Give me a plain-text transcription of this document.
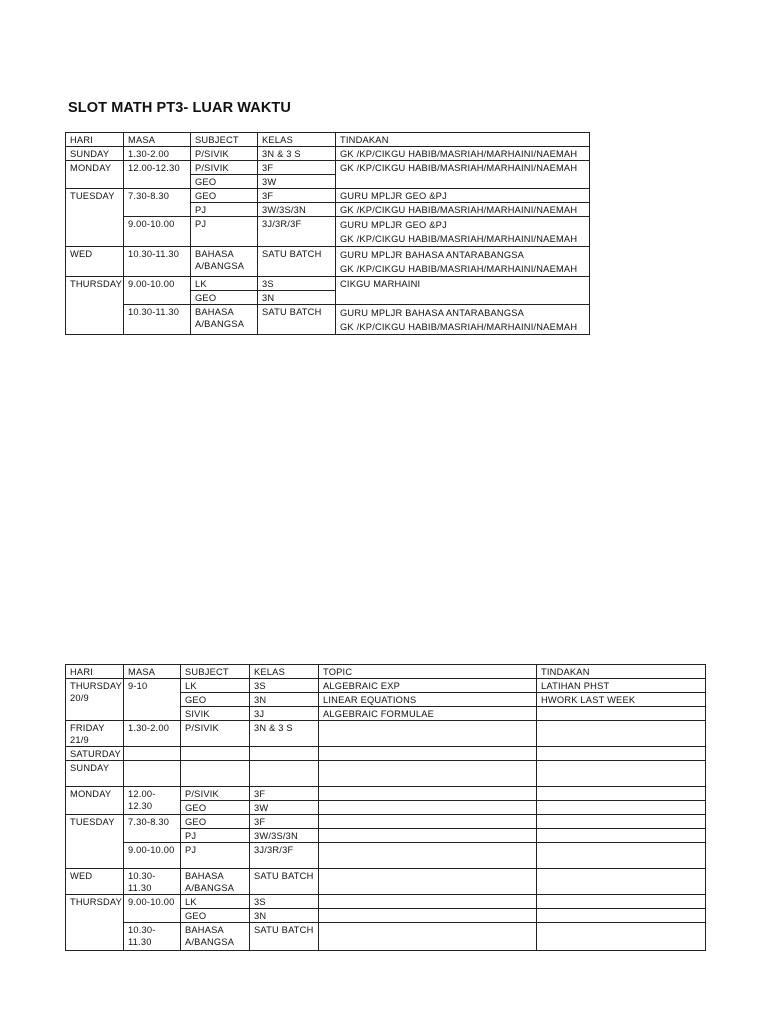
SLOT MATH PT3- LUAR WAKTU
HARI	MASA	SUBJECT	KELAS	TINDAKAN
SUNDAY	1.30-2.00	P/SIVIK	3N & 3 S	GK /KP/CIKGU HABIB/MASRIAH/MARHAINI/NAEMAH
MONDAY	12.00-12.30	P/SIVIK	3F	GK /KP/CIKGU HABIB/MASRIAH/MARHAINI/NAEMAH
		GEO	3W	
TUESDAY	7.30-8.30	GEO	3F	GURU MPLJR GEO &PJ
		PJ	3W/3S/3N	GK /KP/CIKGU HABIB/MASRIAH/MARHAINI/NAEMAH
	9.00-10.00	PJ	3J/3R/3F	GURU MPLJR GEO &PJ
GK /KP/CIKGU HABIB/MASRIAH/MARHAINI/NAEMAH

WED	10.30-11.30	BAHASA A/BANGSA	SATU BATCH	GURU MPLJR BAHASA ANTARABANGSA
GK /KP/CIKGU HABIB/MASRIAH/MARHAINI/NAEMAH

THURSDAY	9.00-10.00	LK	3S	CIKGU MARHAINI
		GEO	3N	
	10.30-11.30	BAHASA A/BANGSA	SATU BATCH	GURU MPLJR BAHASA ANTARABANGSA
GK /KP/CIKGU HABIB/MASRIAH/MARHAINI/NAEMAH
HARI	MASA	SUBJECT	KELAS	TOPIC	TINDAKAN
THURSDAY 20/9	9-10	LK	3S	ALGEBRAIC EXP	LATIHAN PHST
		GEO	3N	LINEAR EQUATIONS	HWORK LAST WEEK
		SIVIK	3J	ALGEBRAIC FORMULAE	
FRIDAY 21/9	1.30-2.00	P/SIVIK	3N & 3 S		
SATURDAY					
SUNDAY					
MONDAY	12.00-12.30	P/SIVIK	3F		
		GEO	3W		
TUESDAY	7.30-8.30	GEO	3F		
		PJ	3W/3S/3N		
	9.00-10.00	PJ	3J/3R/3F		
WED	10.30-11.30	BAHASA A/BANGSA	SATU BATCH		
THURSDAY	9.00-10.00	LK	3S		
		GEO	3N		
	10.30-11.30	BAHASA A/BANGSA	SATU BATCH		
